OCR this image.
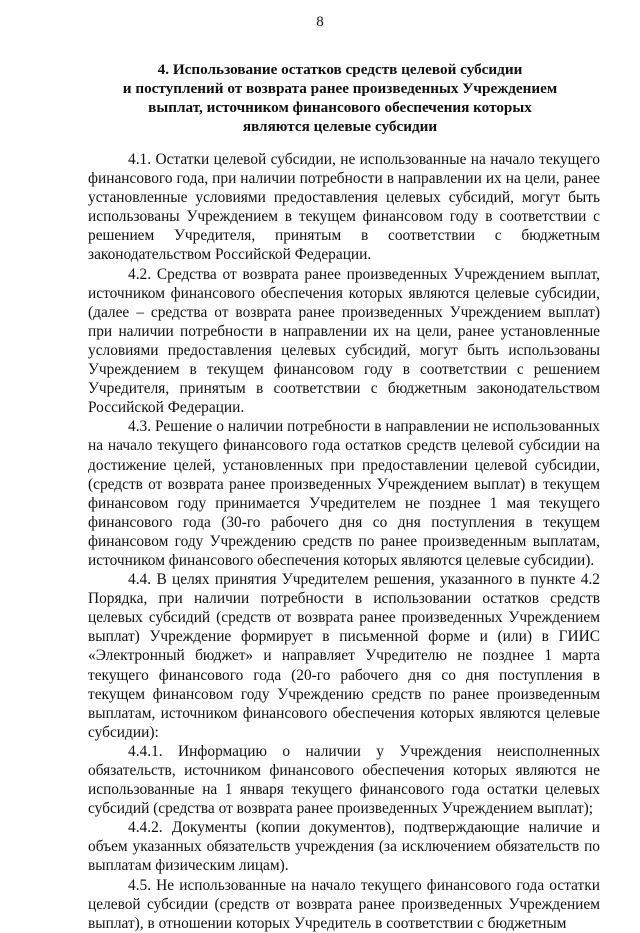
8
4. Использование остатков средств целевой субсидии
и поступлений от возврата ранее произведенных Учреждением
выплат, источником финансового обеспечения которых
являются целевые субсидии

4.1. Остатки целевой субсидии, не использованные на начало текущего финансового года, при наличии потребности в направлении их на цели, ранее установленные условиями предоставления целевых субсидий, могут быть использованы Учреждением в текущем финансовом году в соответствии с решением Учредителя, принятым в соответствии с бюджетным законодательством Российской Федерации.

4.2. Средства от возврата ранее произведенных Учреждением выплат, источником финансового обеспечения которых являются целевые субсидии, (далее – средства от возврата ранее произведенных Учреждением выплат) при наличии потребности в направлении их на цели, ранее установленные условиями предоставления целевых субсидий, могут быть использованы Учреждением в текущем финансовом году в соответствии с решением Учредителя, принятым в соответствии с бюджетным законодательством Российской Федерации.

4.3. Решение о наличии потребности в направлении не использованных на начало текущего финансового года остатков средств целевой субсидии на достижение целей, установленных при предоставлении целевой субсидии, (средств от возврата ранее произведенных Учреждением выплат) в текущем финансовом году принимается Учредителем не позднее 1 мая текущего финансового года (30-го рабочего дня со дня поступления в текущем финансовом году Учреждению средств по ранее произведенным выплатам, источником финансового обеспечения которых являются целевые субсидии).

4.4. В целях принятия Учредителем решения, указанного в пункте 4.2 Порядка, при наличии потребности в использовании остатков средств целевых субсидий (средств от возврата ранее произведенных Учреждением выплат) Учреждение формирует в письменной форме и (или) в ГИИС «Электронный бюджет» и направляет Учредителю не позднее 1 марта текущего финансового года (20-го рабочего дня со дня поступления в текущем финансовом году Учреждению средств по ранее произведенным выплатам, источником финансового обеспечения которых являются целевые субсидии):

4.4.1. Информацию о наличии у Учреждения неисполненных обязательств, источником финансового обеспечения которых являются не использованные на 1 января текущего финансового года остатки целевых субсидий (средства от возврата ранее произведенных Учреждением выплат);

4.4.2. Документы (копии документов), подтверждающие наличие и объем указанных обязательств учреждения (за исключением обязательств по выплатам физическим лицам).

4.5. Не использованные на начало текущего финансового года остатки целевой субсидии (средств от возврата ранее произведенных Учреждением выплат), в отношении которых Учредитель в соответствии с бюджетным
